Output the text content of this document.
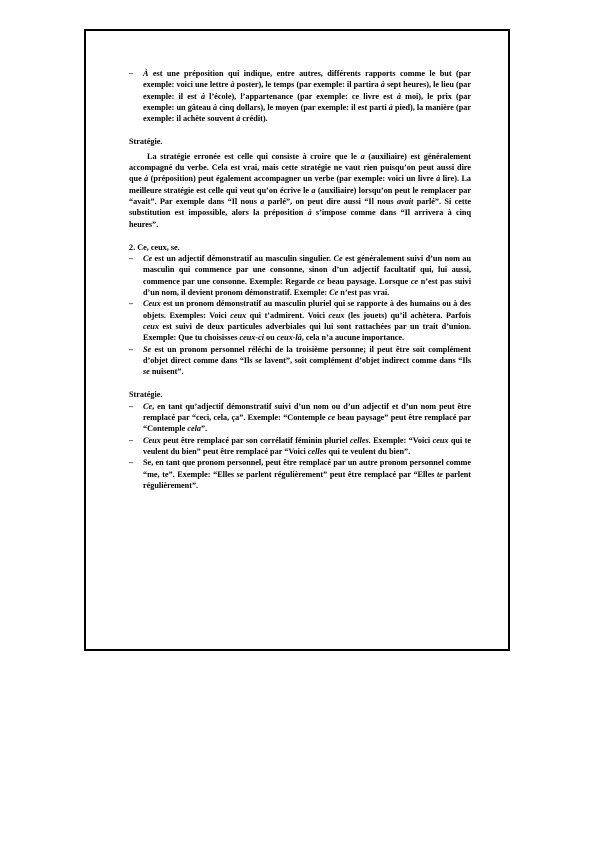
–	À est une préposition qui indique, entre autres, différents rapports comme le but (par exemple: voici une lettre à poster), le temps (par exemple: il partira à sept heures), le lieu (par exemple: il est à l’école), l’appartenance (par exemple: ce livre est à moi), le prix (par exemple: un gâteau à cinq dollars), le moyen (par exemple: il est parti à pied), la manière (par exemple: il achète souvent à crédit).

Stratégie.

La stratégie erronée est celle qui consiste à croire que le a (auxiliaire) est généralement accompagné du verbe. Cela est vrai, mais cette stratégie ne vaut rien puisqu’on peut aussi dire que à (préposition) peut également accompagner un verbe (par exemple: voici un livre à lire). La meilleure stratégie est celle qui veut qu’on écrive le a (auxiliaire) lorsqu’on peut le remplacer par “avait”. Par exemple dans “Il nous a parlé”, on peut dire aussi “Il nous avait parlé”. Si cette substitution est impossible, alors la préposition à s’impose comme dans “Il arrivera à cinq heures”.

2. Ce, ceux, se.

–	Ce est un adjectif démonstratif au masculin singulier. Ce est généralement suivi d’un nom au masculin qui commence par une consonne, sinon d’un adjectif facultatif qui, lui aussi, commence par une consonne. Exemple: Regarde ce beau paysage. Lorsque ce n’est pas suivi d’un nom, il devient pronom démonstratif. Exemple: Ce n’est pas vrai.
–	Ceux est un pronom démonstratif au masculin pluriel qui se rapporte à des humains ou à des objets. Exemples: Voici ceux qui t’admirent. Voici ceux (les jouets) qu’il achètera. Parfois ceux est suivi de deux particules adverbiales qui lui sont rattachées par un trait d’union. Exemple: Que tu choisisses ceux-ci ou ceux-là, cela n’a aucune importance.
–	Se est un pronom personnel réléchi de la troisième personne; il peut être soit complément d’objet direct comme dans “Ils se lavent”, soit complément d’objet indirect comme dans “Ils se nuisent”.

Stratégie.

–	Ce, en tant qu’adjectif démonstratif suivi d’un nom ou d’un adjectif et d’un nom peut être remplacé par “ceci, cela, ça”. Exemple: “Contemple ce beau paysage” peut être remplacé par “Contemple cela”.
–	Ceux peut être remplacé par son corrélatif féminin pluriel celles. Exemple: “Voici ceux qui te veulent du bien” peut être remplacé par “Voici celles qui te veulent du bien”.
–	Se, en tant que pronom personnel, peut être remplacé par un autre pronom personnel comme “me, te”. Exemple: “Elles se parlent régulièrement” peut être remplacé par “Elles te parlent régulièrement”.
